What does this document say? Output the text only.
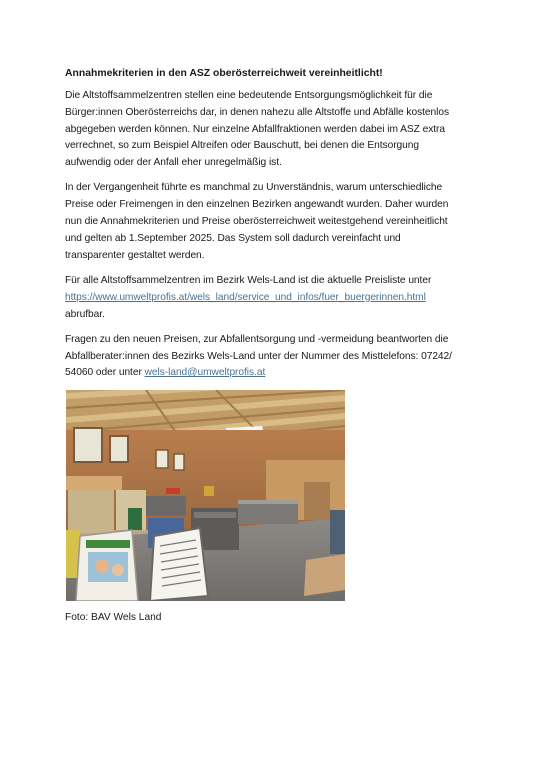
Annahmekriterien in den ASZ oberösterreichweit vereinheitlicht!
Die Altstoffsammelzentren stellen eine bedeutende Entsorgungsmöglichkeit für die
Bürger:innen Oberösterreichs dar, in denen nahezu alle Altstoffe und Abfälle kostenlos
abgegeben werden können. Nur einzelne Abfallfraktionen werden dabei im ASZ extra
verrechnet, so zum Beispiel Altreifen oder Bauschutt, bei denen die Entsorgung
aufwendig oder der Anfall eher unregelmäßig ist.
In der Vergangenheit führte es manchmal zu Unverständnis, warum unterschiedliche
Preise oder Freimengen in den einzelnen Bezirken angewandt wurden. Daher wurden
nun die Annahmekriterien und Preise oberösterreichweit weitestgehend vereinheitlicht
und gelten ab 1.September 2025. Das System soll dadurch vereinfacht und
transparenter gestaltet werden.
Für alle Altstoffsammelzentren im Bezirk Wels-Land ist die aktuelle Preisliste unter
https://www.umweltprofis.at/wels_land/service_und_infos/fuer_buergerinnen.html
abrufbar.
Fragen zu den neuen Preisen, zur Abfallentsorgung und -vermeidung beantworten die
Abfallberater:innen des Bezirks Wels-Land unter der Nummer des Misttelefons: 07242/
54060 oder unter wels-land@umweltprofis.at
Foto: BAV Wels Land
